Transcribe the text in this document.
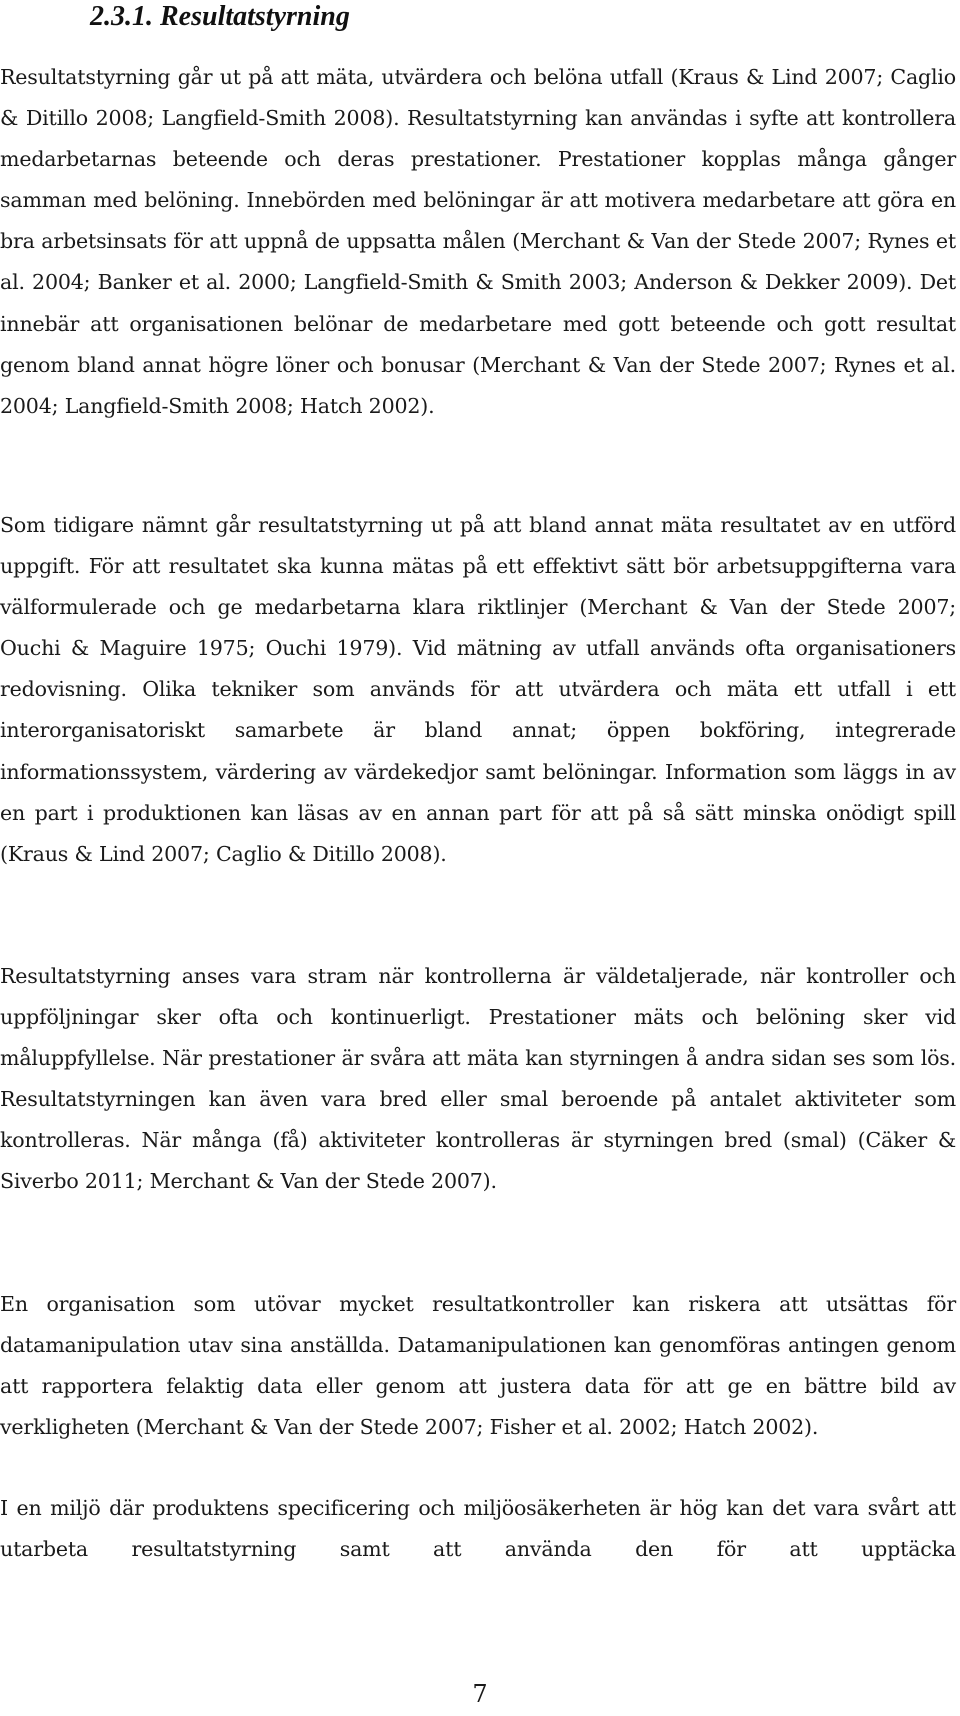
2.3.1. Resultatstyrning

Resultatstyrning går ut på att mäta, utvärdera och belöna utfall (Kraus & Lind 2007; Caglio & Ditillo 2008; Langfield-Smith 2008). Resultatstyrning kan användas i syfte att kontrollera medarbetarnas beteende och deras prestationer. Prestationer kopplas många gånger samman med belöning. Innebörden med belöningar är att motivera medarbetare att göra en bra arbetsinsats för att uppnå de uppsatta målen (Merchant & Van der Stede 2007; Rynes et al. 2004; Banker et al. 2000; Langfield-Smith & Smith 2003; Anderson & Dekker 2009). Det innebär att organisationen belönar de medarbetare med gott beteende och gott resultat genom bland annat högre löner och bonusar (Merchant & Van der Stede 2007; Rynes et al. 2004; Langfield-Smith 2008; Hatch 2002).

Som tidigare nämnt går resultatstyrning ut på att bland annat mäta resultatet av en utförd uppgift. För att resultatet ska kunna mätas på ett effektivt sätt bör arbetsuppgifterna vara välformulerade och ge medarbetarna klara riktlinjer (Merchant & Van der Stede 2007; Ouchi & Maguire 1975; Ouchi 1979). Vid mätning av utfall används ofta organisationers redovisning. Olika tekniker som används för att utvärdera och mäta ett utfall i ett interorganisatoriskt samarbete är bland annat; öppen bokföring, integrerade informationssystem, värdering av värdekedjor samt belöningar. Information som läggs in av en part i produktionen kan läsas av en annan part för att på så sätt minska onödigt spill (Kraus & Lind 2007; Caglio & Ditillo 2008).

Resultatstyrning anses vara stram när kontrollerna är väldetaljerade, när kontroller och uppföljningar sker ofta och kontinuerligt. Prestationer mäts och belöning sker vid måluppfyllelse. När prestationer är svåra att mäta kan styrningen å andra sidan ses som lös. Resultatstyrningen kan även vara bred eller smal beroende på antalet aktiviteter som kontrolleras. När många (få) aktiviteter kontrolleras är styrningen bred (smal) (Cäker & Siverbo 2011; Merchant & Van der Stede 2007).

En organisation som utövar mycket resultatkontroller kan riskera att utsättas för datamanipulation utav sina anställda. Datamanipulationen kan genomföras antingen genom att rapportera felaktig data eller genom att justera data för att ge en bättre bild av verkligheten (Merchant & Van der Stede 2007; Fisher et al. 2002; Hatch 2002).

I en miljö där produktens specificering och miljöosäkerheten är hög kan det vara svårt att utarbeta resultatstyrning samt att använda den för att upptäcka

7
